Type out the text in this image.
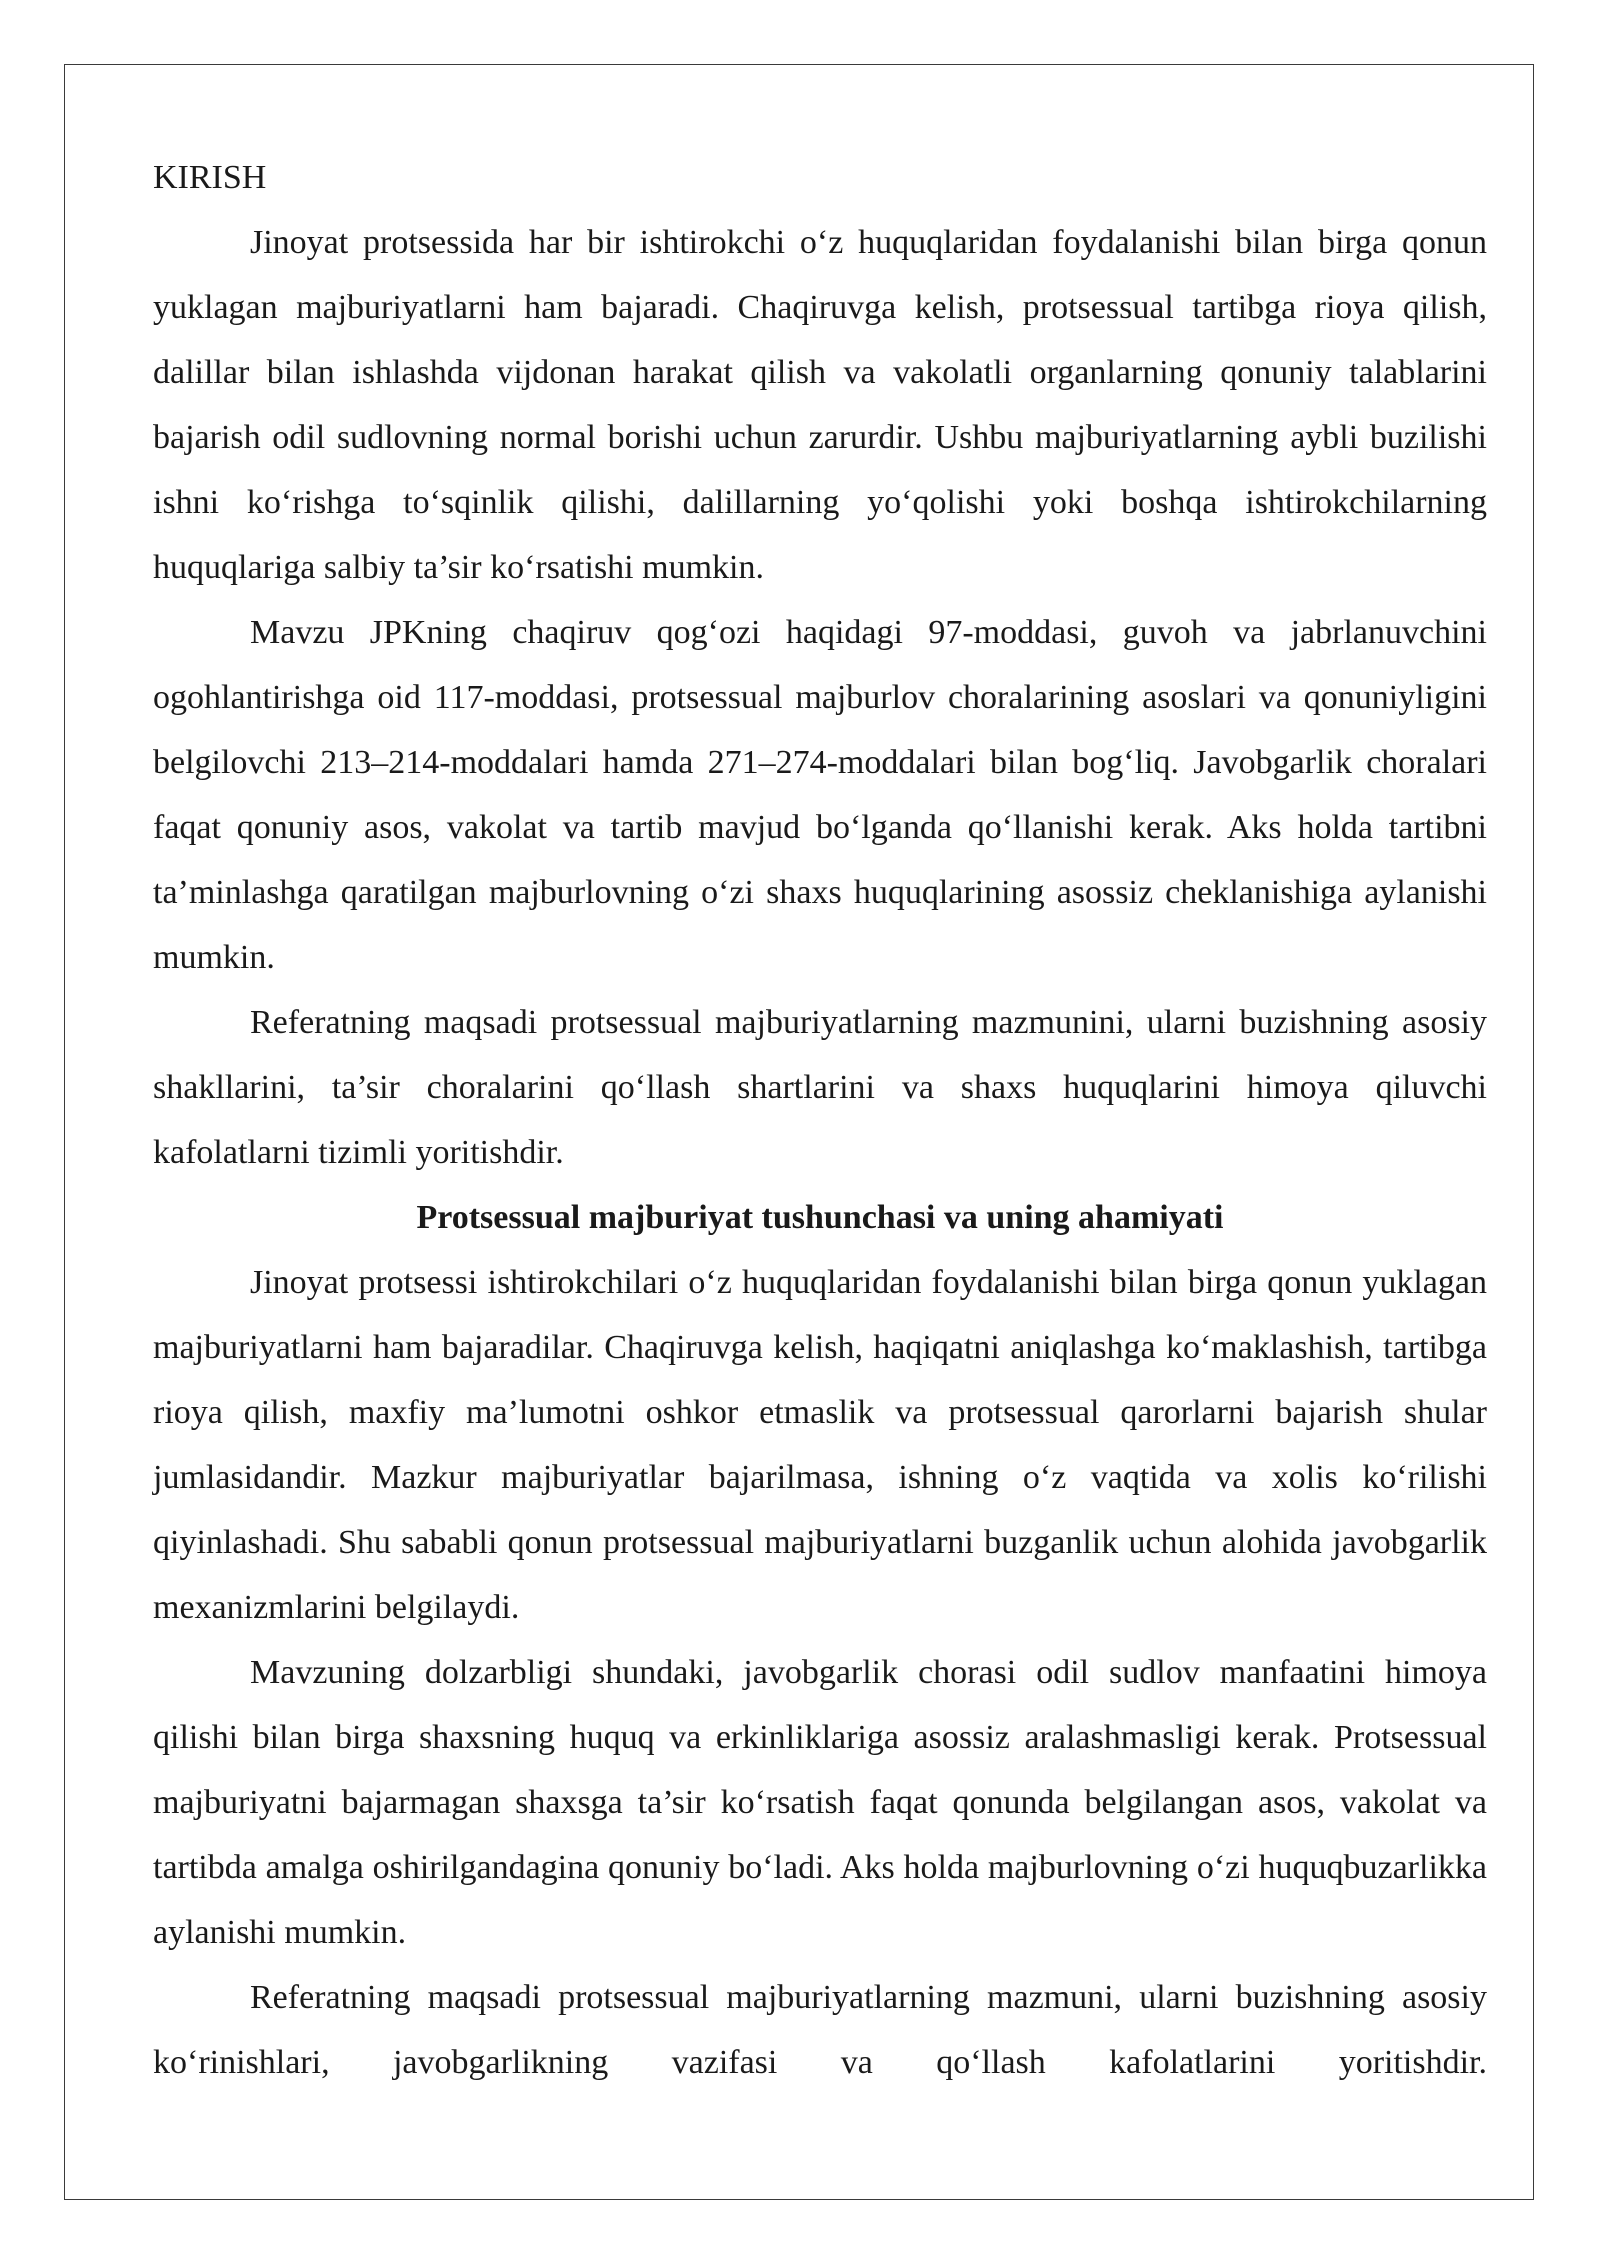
KIRISH

Jinoyat protsessida har bir ishtirokchi o‘z huquqlaridan foydalanishi bilan birga qonun yuklagan majburiyatlarni ham bajaradi. Chaqiruvga kelish, protsessual tartibga rioya qilish, dalillar bilan ishlashda vijdonan harakat qilish va vakolatli organlarning qonuniy talablarini bajarish odil sudlovning normal borishi uchun zarurdir. Ushbu majburiyatlarning aybli buzilishi ishni ko‘rishga to‘sqinlik qilishi, dalillarning yo‘qolishi yoki boshqa ishtirokchilarning huquqlariga salbiy ta’sir ko‘rsatishi mumkin.

Mavzu JPKning chaqiruv qog‘ozi haqidagi 97-moddasi, guvoh va jabrlanuvchini ogohlantirishga oid 117-moddasi, protsessual majburlov choralarining asoslari va qonuniyligini belgilovchi 213–214-moddalari hamda 271–274-moddalari bilan bog‘liq. Javobgarlik choralari faqat qonuniy asos, vakolat va tartib mavjud bo‘lganda qo‘llanishi kerak. Aks holda tartibni ta’minlashga qaratilgan majburlovning o‘zi shaxs huquqlarining asossiz cheklanishiga aylanishi mumkin.

Referatning maqsadi protsessual majburiyatlarning mazmunini, ularni buzishning asosiy shakllarini, ta’sir choralarini qo‘llash shartlarini va shaxs huquqlarini himoya qiluvchi kafolatlarni tizimli yoritishdir.

Protsessual majburiyat tushunchasi va uning ahamiyati

Jinoyat protsessi ishtirokchilari o‘z huquqlaridan foydalanishi bilan birga qonun yuklagan majburiyatlarni ham bajaradilar. Chaqiruvga kelish, haqiqatni aniqlashga ko‘maklashish, tartibga rioya qilish, maxfiy ma’lumotni oshkor etmaslik va protsessual qarorlarni bajarish shular jumlasidandir. Mazkur majburiyatlar bajarilmasa, ishning o‘z vaqtida va xolis ko‘rilishi qiyinlashadi. Shu sababli qonun protsessual majburiyatlarni buzganlik uchun alohida javobgarlik mexanizmlarini belgilaydi.

Mavzuning dolzarbligi shundaki, javobgarlik chorasi odil sudlov manfaatini himoya qilishi bilan birga shaxsning huquq va erkinliklariga asossiz aralashmasligi kerak. Protsessual majburiyatni bajarmagan shaxsga ta’sir ko‘rsatish faqat qonunda belgilangan asos, vakolat va tartibda amalga oshirilgandagina qonuniy bo‘ladi. Aks holda majburlovning o‘zi huquqbuzarlikka aylanishi mumkin.

Referatning maqsadi protsessual majburiyatlarning mazmuni, ularni buzishning asosiy ko‘rinishlari, javobgarlikning vazifasi va qo‘llash kafolatlarini yoritishdir.
